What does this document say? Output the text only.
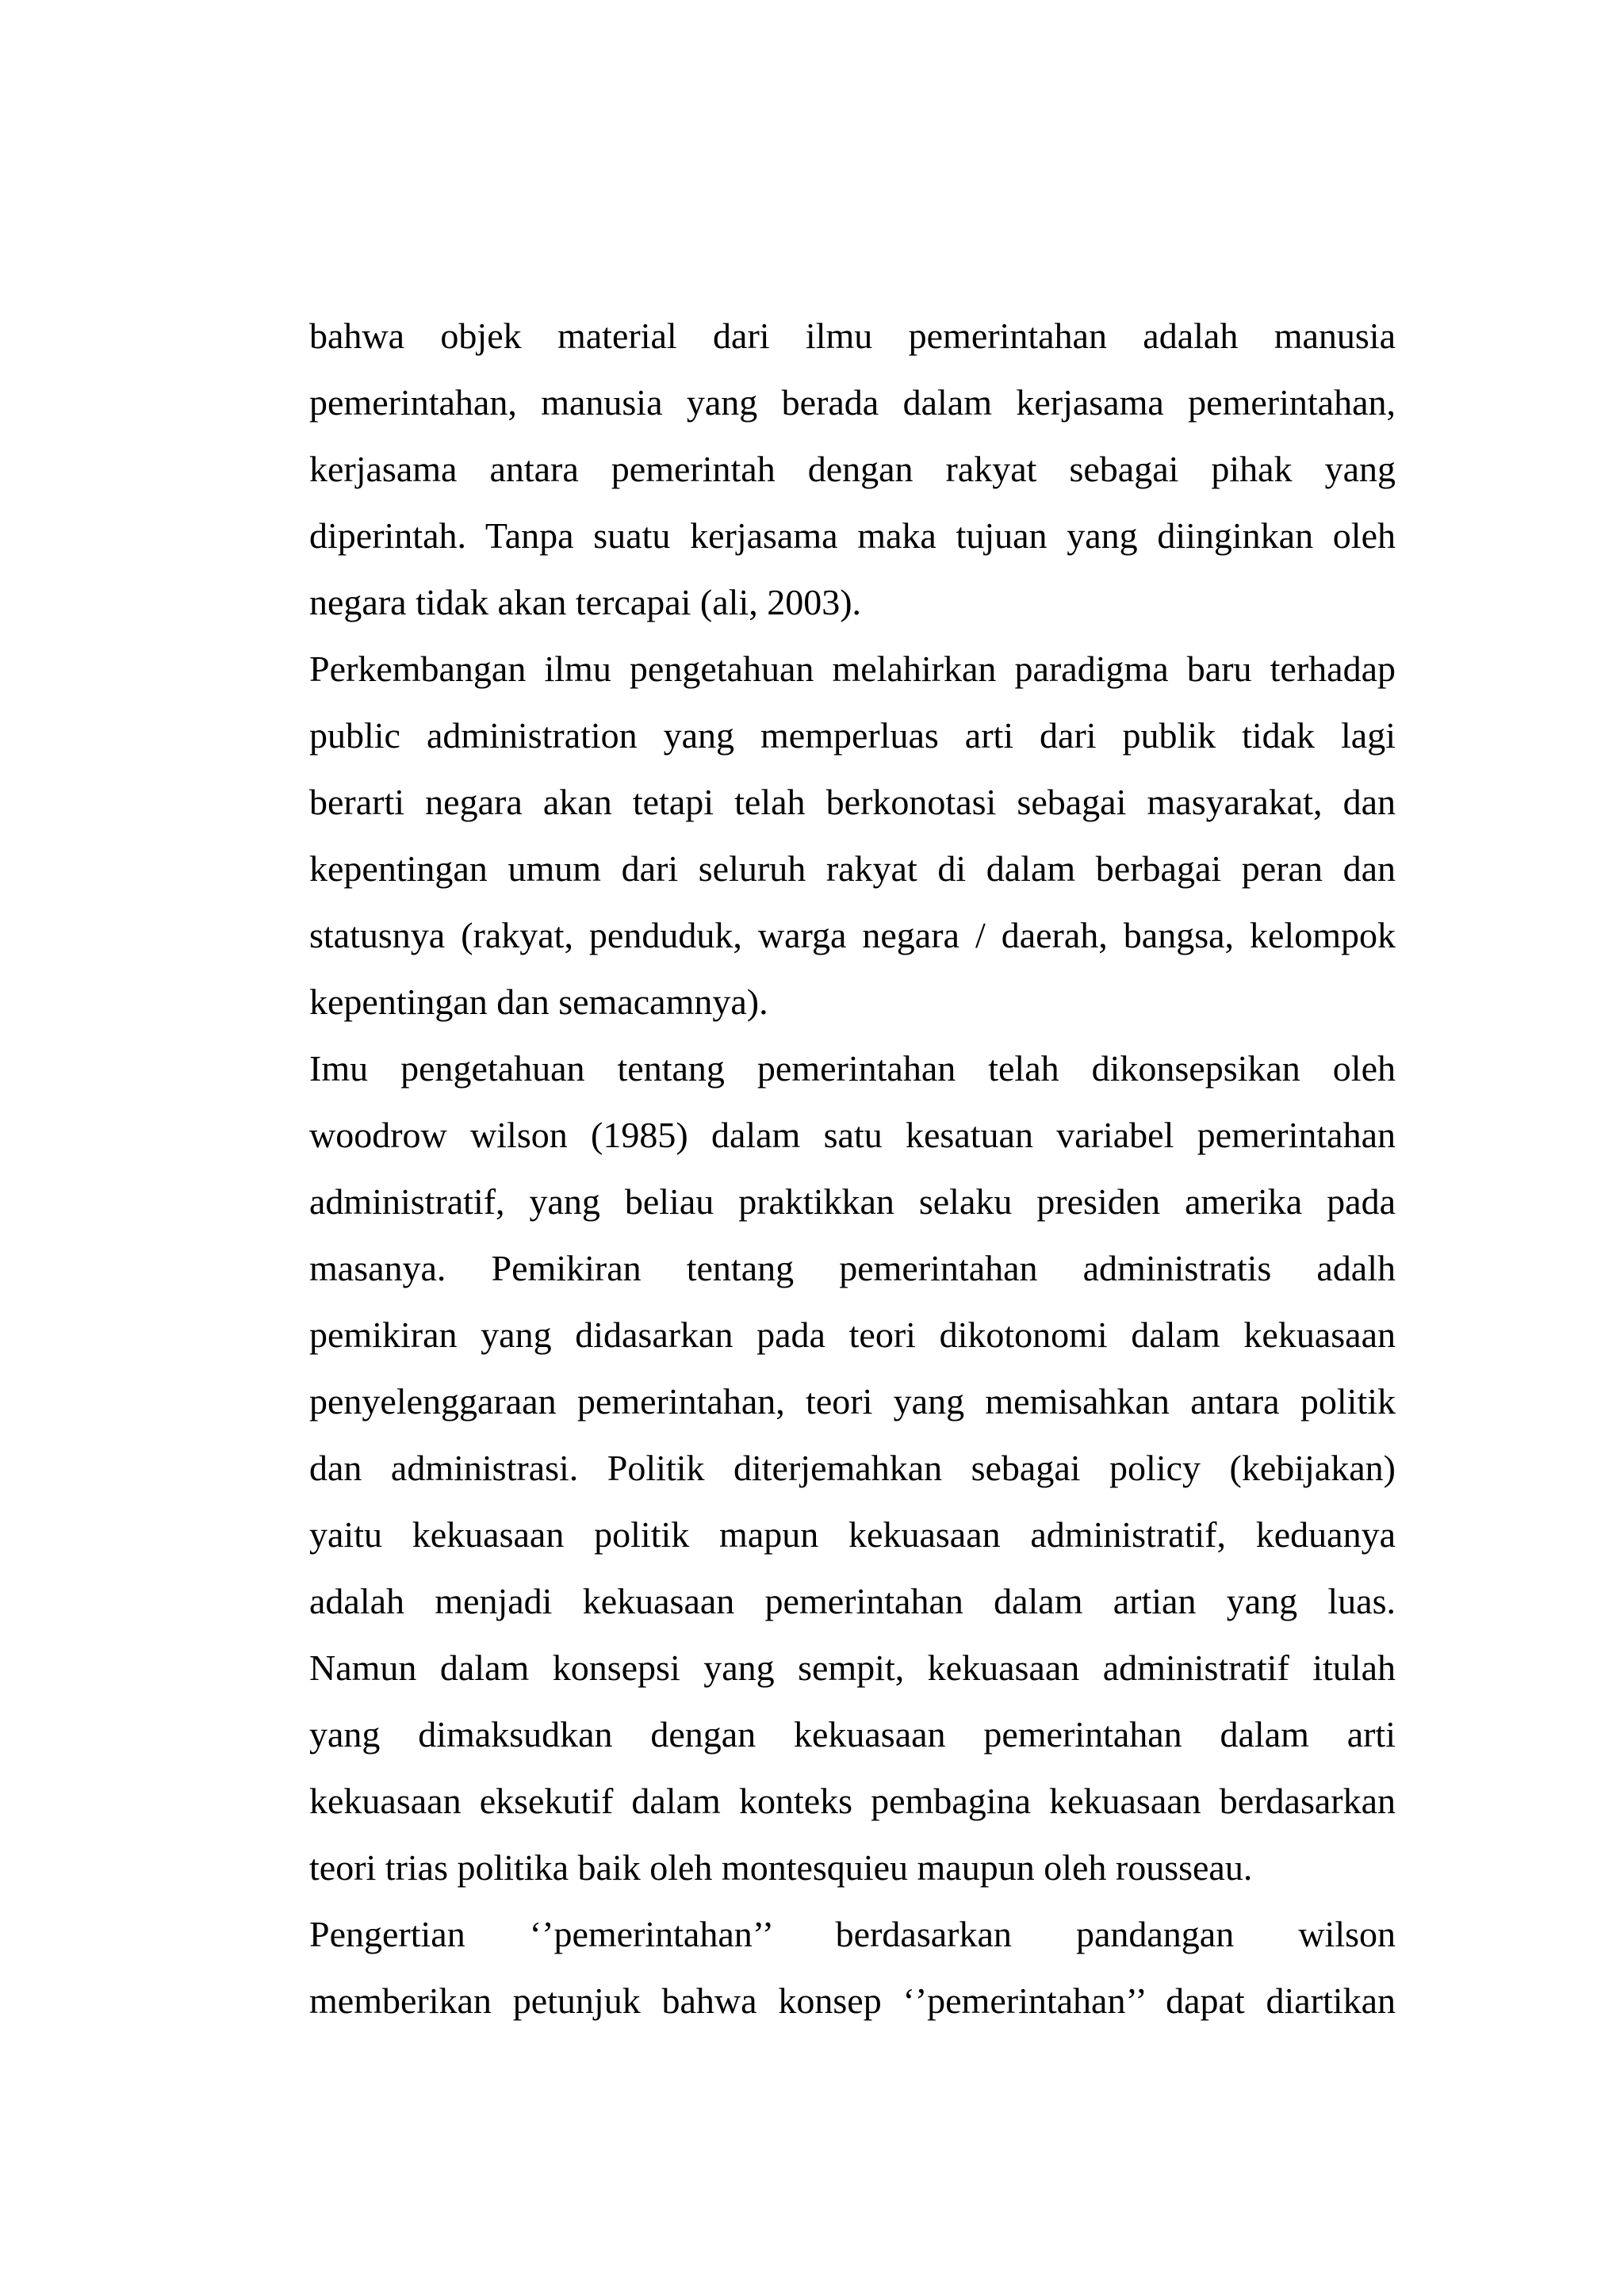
bahwa objek material dari ilmu pemerintahan adalah manusia
pemerintahan, manusia yang berada dalam kerjasama pemerintahan,
kerjasama antara pemerintah dengan rakyat sebagai pihak yang
diperintah. Tanpa suatu kerjasama maka tujuan yang diinginkan oleh
negara tidak akan tercapai (ali, 2003).

Perkembangan ilmu pengetahuan melahirkan paradigma baru terhadap
public administration yang memperluas arti dari publik tidak lagi
berarti negara akan tetapi telah berkonotasi sebagai masyarakat, dan
kepentingan umum dari seluruh rakyat di dalam berbagai peran dan
statusnya (rakyat, penduduk, warga negara / daerah, bangsa, kelompok
kepentingan dan semacamnya).

Imu pengetahuan tentang pemerintahan telah dikonsepsikan oleh
woodrow wilson (1985) dalam satu kesatuan variabel pemerintahan
administratif, yang beliau praktikkan selaku presiden amerika pada
masanya. Pemikiran tentang pemerintahan administratis adalh
pemikiran yang didasarkan pada teori dikotonomi dalam kekuasaan
penyelenggaraan pemerintahan, teori yang memisahkan antara politik
dan administrasi. Politik diterjemahkan sebagai policy (kebijakan)
yaitu kekuasaan politik mapun kekuasaan administratif, keduanya
adalah menjadi kekuasaan pemerintahan dalam artian yang luas.
Namun dalam konsepsi yang sempit, kekuasaan administratif itulah
yang dimaksudkan dengan kekuasaan pemerintahan dalam arti
kekuasaan eksekutif dalam konteks pembagina kekuasaan berdasarkan
teori trias politika baik oleh montesquieu maupun oleh rousseau.

Pengertian ‘’pemerintahan’’ berdasarkan pandangan wilson
memberikan petunjuk bahwa konsep ‘’pemerintahan’’ dapat diartikan
